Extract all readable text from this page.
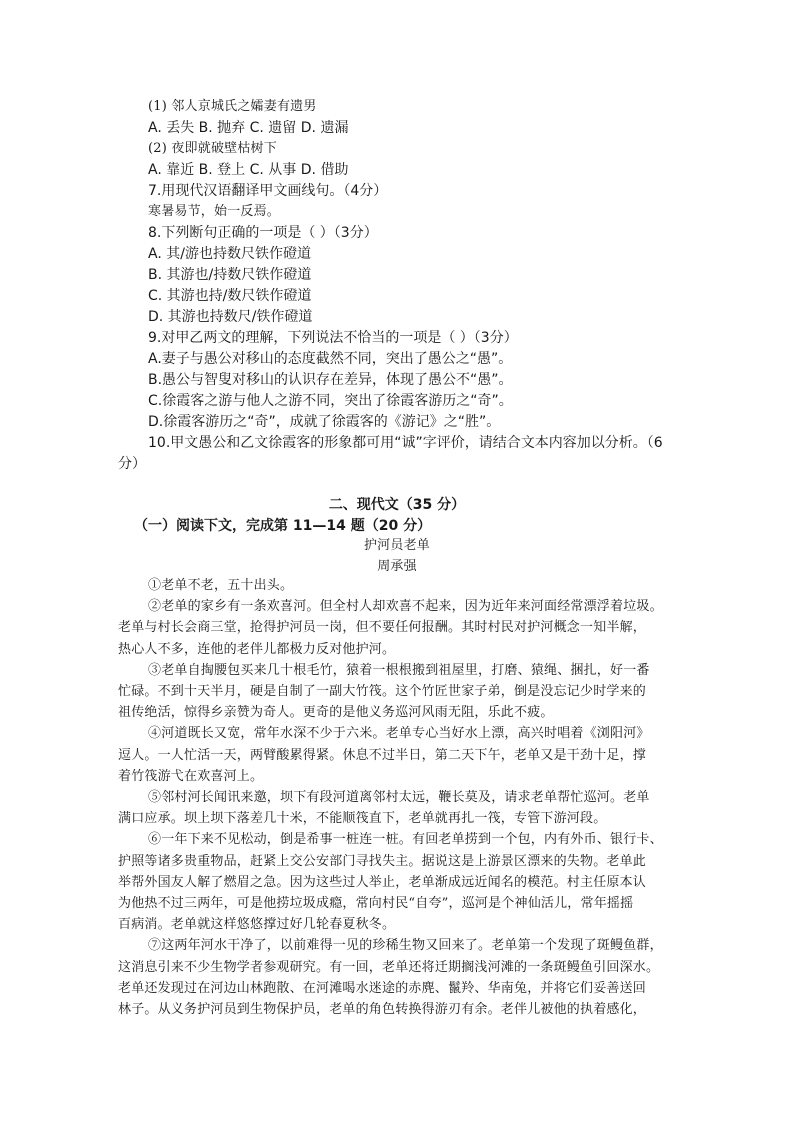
(1) 邻人京城氏之孀妻有遗男
A. 丢失 B. 抛弃 C. 遗留 D. 遗漏
(2) 夜即就破壁枯树下
A. 靠近 B. 登上 C. 从事 D. 借助
7.用现代汉语翻译甲文画线句。（4分）
寒暑易节，始一反焉。
8.下列断句正确的一项是（ ）（3分）
A. 其/游也持数尺铁作磴道
B. 其游也/持数尺铁作磴道
C. 其游也持/数尺铁作磴道
D. 其游也持数尺/铁作磴道
9.对甲乙两文的理解，下列说法不恰当的一项是（ ）（3分）
A.妻子与愚公对移山的态度截然不同，突出了愚公之“愚”。
B.愚公与智叟对移山的认识存在差异，体现了愚公不“愚”。
C.徐霞客之游与他人之游不同，突出了徐霞客游历之“奇”。
D.徐霞客游历之“奇”，成就了徐霞客的《游记》之“胜”。
10.甲文愚公和乙文徐霞客的形象都可用“诚”字评价，请结合文本内容加以分析。（6
分）
二、现代文（35 分）
（一）阅读下文，完成第 11—14 题（20 分）
护河员老单
周承强
①老单不老，五十出头。
②老单的家乡有一条欢喜河。但全村人却欢喜不起来，因为近年来河面经常漂浮着垃圾。
老单与村长会商三堂，抢得护河员一岗，但不要任何报酬。其时村民对护河概念一知半解，
热心人不多，连他的老伴儿都极力反对他护河。
③老单自掏腰包买来几十根毛竹，猿着一根根搬到祖屋里，打磨、猿绳、捆扎，好一番
忙碌。不到十天半月，硬是自制了一副大竹筏。这个竹匠世家子弟，倒是没忘记少时学来的
祖传绝活，惊得乡亲赞为奇人。更奇的是他义务巡河风雨无阻，乐此不疲。
④河道既长又宽，常年水深不少于六米。老单专心当好水上漂，高兴时唱着《浏阳河》
逗人。一人忙活一天，两臂酸累得紧。休息不过半日，第二天下午，老单又是干劲十足，撑
着竹筏游弋在欢喜河上。
⑤邻村河长闻讯来邀，坝下有段河道离邻村太远，鞭长莫及，请求老单帮忙巡河。老单
满口应承。坝上坝下落差几十米，不能顺筏直下，老单就再扎一筏，专管下游河段。
⑥一年下来不见松动，倒是希事一桩连一桩。有回老单捞到一个包，内有外币、银行卡、
护照等诸多贵重物品，赶紧上交公安部门寻找失主。据说这是上游景区漂来的失物。老单此
举帮外国友人解了燃眉之急。因为这些过人举止，老单渐成远近闻名的模范。村主任原本认
为他热不过三两年，可是他捞垃圾成瘾，常向村民“自夸”，巡河是个神仙活儿，常年摇摇
百病消。老单就这样悠悠撑过好几轮春夏秋冬。
⑦这两年河水干净了，以前难得一见的珍稀生物又回来了。老单第一个发现了斑鳗鱼群，
这消息引来不少生物学者参观研究。有一回，老单还将迁期搁浅河滩的一条斑鳗鱼引回深水。
老单还发现过在河边山林跑散、在河滩喝水迷途的赤麂、鬣羚、华南兔，并将它们妥善送回
林子。从义务护河员到生物保护员，老单的角色转换得游刃有余。老伴儿被他的执着感化，
